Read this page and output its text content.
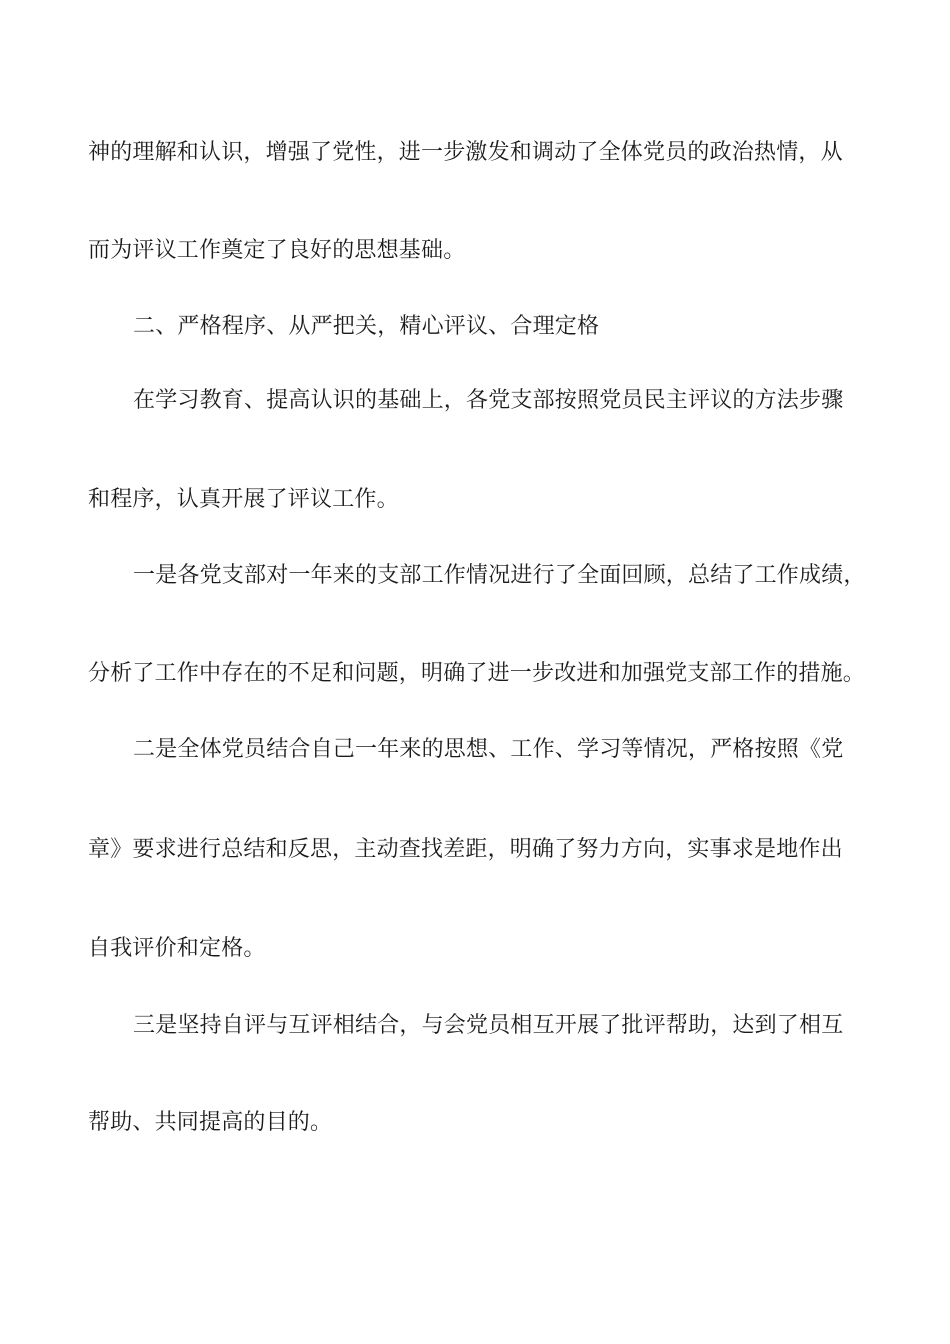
神的理解和认识，增强了党性，进一步激发和调动了全体党员的政治热情，从
而为评议工作奠定了良好的思想基础。
二、严格程序、从严把关，精心评议、合理定格
在学习教育、提高认识的基础上，各党支部按照党员民主评议的方法步骤
和程序，认真开展了评议工作。
一是各党支部对一年来的支部工作情况进行了全面回顾，总结了工作成绩，
分析了工作中存在的不足和问题，明确了进一步改进和加强党支部工作的措施。
二是全体党员结合自己一年来的思想、工作、学习等情况，严格按照《党
章》要求进行总结和反思，主动查找差距，明确了努力方向，实事求是地作出
自我评价和定格。
三是坚持自评与互评相结合，与会党员相互开展了批评帮助，达到了相互
帮助、共同提高的目的。
